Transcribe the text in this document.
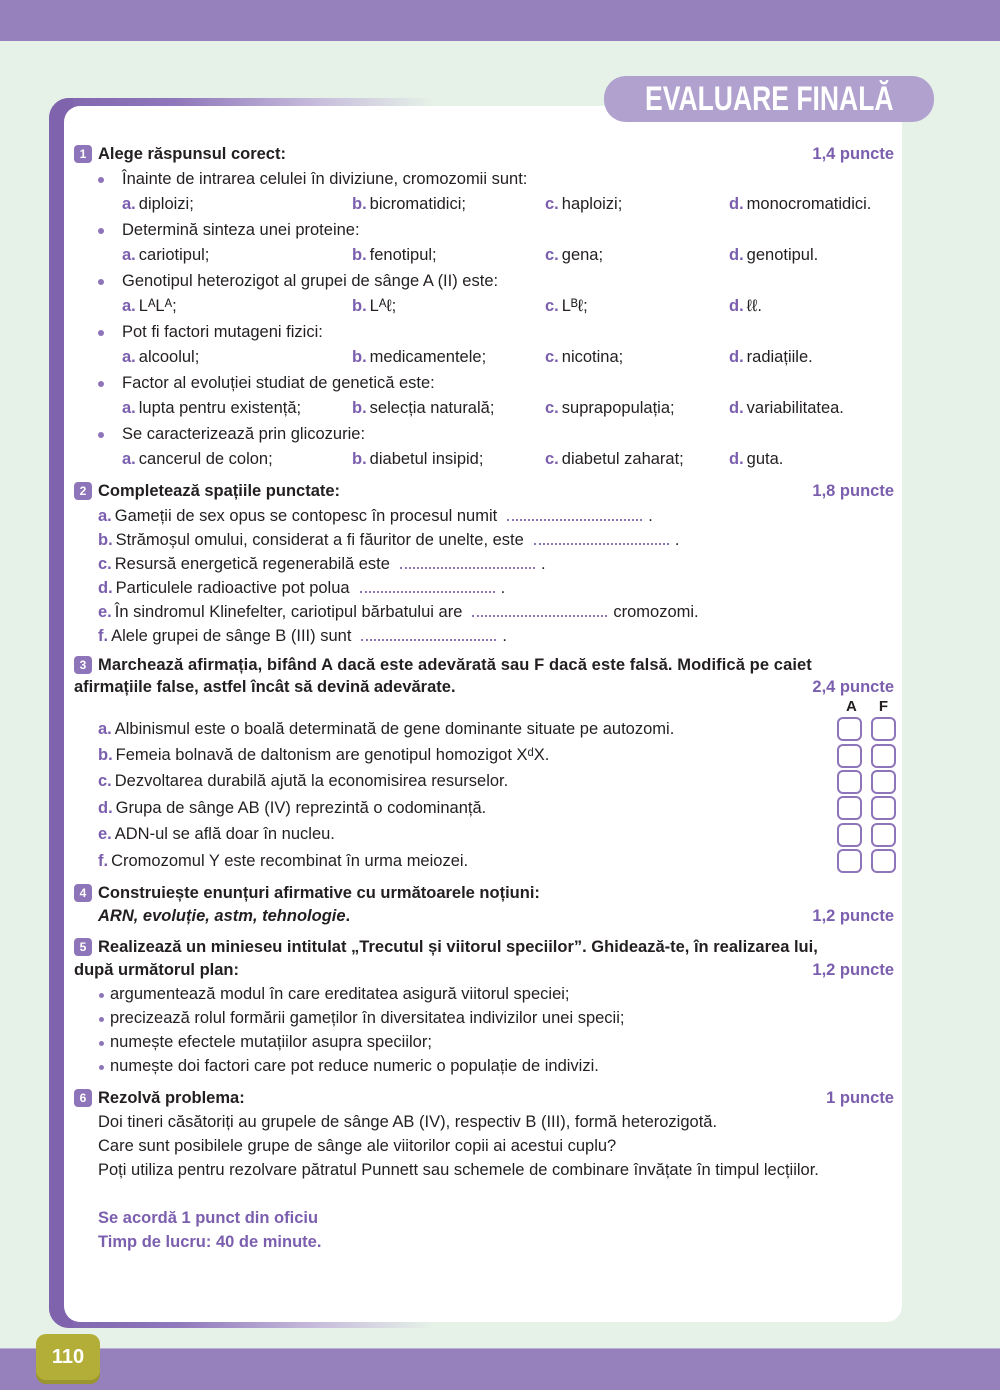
EVALUARE FINALĂ
1 Alege răspunsul corect:	1,4 puncte
Înainte de intrarea celulei în diviziune, cromozomii sunt:
a. diploizi;	b. bicromatidici;	c. haploizi;	d. monocromatidici.
Determină sinteza unei proteine:
a. cariotipul;	b. fenotipul;	c. gena;	d. genotipul.
Genotipul heterozigot al grupei de sânge A (II) este:
a. LᴬLᴬ;	b. Lᴬℓ;	c. Lᴮℓ;	d. ℓℓ.
Pot fi factori mutageni fizici:
a. alcoolul;	b. medicamentele;	c. nicotina;	d. radiațiile.
Factor al evoluției studiat de genetică este:
a. lupta pentru existență;	b. selecția naturală;	c. suprapopulația;	d. variabilitatea.
Se caracterizează prin glicozurie:
a. cancerul de colon;	b. diabetul insipid;	c. diabetul zaharat;	d. guta.
2 Completează spațiile punctate:	1,8 puncte
a. Gameții de sex opus se contopesc în procesul numit	.
b. Strămoșul omului, considerat a fi făuritor de unelte, este	.
c. Resursă energetică regenerabilă este	.
d. Particulele radioactive pot polua	.
e. În sindromul Klinefelter, cariotipul bărbatului are	cromozomi.
f. Alele grupei de sânge B (III) sunt	.
3 Marchează afirmația, bifând A dacă este adevărată sau F dacă este falsă. Modifică pe caiet
afirmațiile false, astfel încât să devină adevărate.	2,4 puncte
A F
a. Albinismul este o boală determinată de gene dominante situate pe autozomi.
b. Femeia bolnavă de daltonism are genotipul homozigot XᵈX.
c. Dezvoltarea durabilă ajută la economisirea resurselor.
d. Grupa de sânge AB (IV) reprezintă o codominanță.
e. ADN-ul se află doar în nucleu.
f. Cromozomul Y este recombinat în urma meiozei.
4 Construiește enunțuri afirmative cu următoarele noțiuni:
ARN, evoluție, astm, tehnologie.	1,2 puncte
5 Realizează un minieseu intitulat „Trecutul și viitorul speciilor”. Ghidează-te, în realizarea lui,
după următorul plan:	1,2 puncte
argumentează modul în care ereditatea asigură viitorul speciei;
precizează rolul formării gameților în diversitatea indivizilor unei specii;
numește efectele mutațiilor asupra speciilor;
numește doi factori care pot reduce numeric o populație de indivizi.
6 Rezolvă problema:	1 puncte
Doi tineri căsătoriți au grupele de sânge AB (IV), respectiv B (III), formă heterozigotă.
Care sunt posibilele grupe de sânge ale viitorilor copii ai acestui cuplu?
Poți utiliza pentru rezolvare pătratul Punnett sau schemele de combinare învățate în timpul lecțiilor.
Se acordă 1 punct din oficiu
Timp de lucru: 40 de minute.
110
